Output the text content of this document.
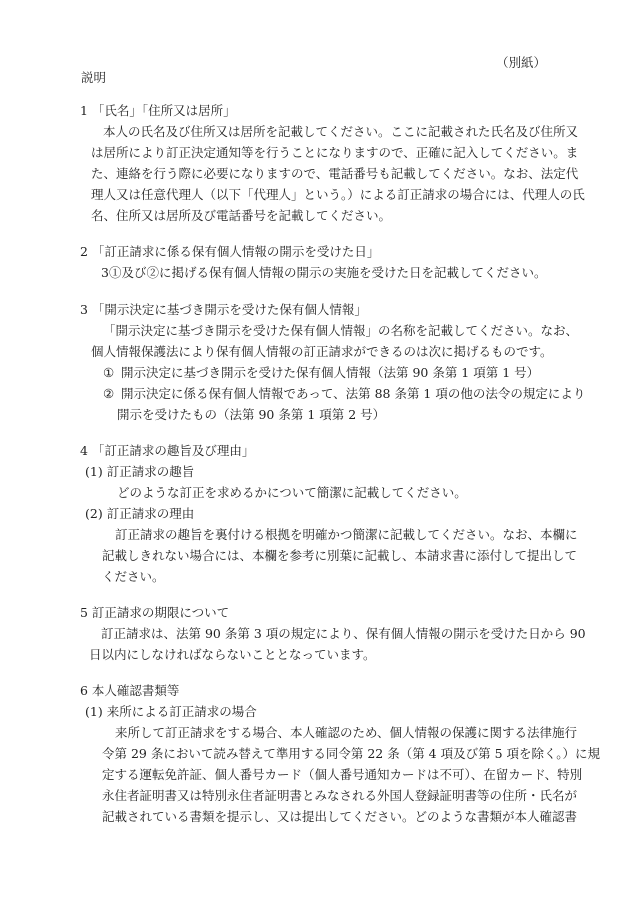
（別紙）
説明
1 「氏名」「住所又は居所」
本人の氏名及び住所又は居所を記載してください。ここに記載された氏名及び住所又
は居所により訂正決定通知等を行うことになりますので、正確に記入してください。ま
た、連絡を行う際に必要になりますので、電話番号も記載してください。なお、法定代
理人又は任意代理人（以下「代理人」という。）による訂正請求の場合には、代理人の氏
名、住所又は居所及び電話番号を記載してください。
2 「訂正請求に係る保有個人情報の開示を受けた日」
3①及び②に掲げる保有個人情報の開示の実施を受けた日を記載してください。
3 「開示決定に基づき開示を受けた保有個人情報」
「開示決定に基づき開示を受けた保有個人情報」の名称を記載してください。なお、
個人情報保護法により保有個人情報の訂正請求ができるのは次に掲げるものです。
① 開示決定に基づき開示を受けた保有個人情報（法第 90 条第 1 項第 1 号）
② 開示決定に係る保有個人情報であって、法第 88 条第 1 項の他の法令の規定により
開示を受けたもの（法第 90 条第 1 項第 2 号）
4 「訂正請求の趣旨及び理由」
(1) 訂正請求の趣旨
どのような訂正を求めるかについて簡潔に記載してください。
(2) 訂正請求の理由
訂正請求の趣旨を裏付ける根拠を明確かつ簡潔に記載してください。なお、本欄に
記載しきれない場合には、本欄を参考に別葉に記載し、本請求書に添付して提出して
ください。
5 訂正請求の期限について
訂正請求は、法第 90 条第 3 項の規定により、保有個人情報の開示を受けた日から 90
日以内にしなければならないこととなっています。
6 本人確認書類等
(1) 来所による訂正請求の場合
来所して訂正請求をする場合、本人確認のため、個人情報の保護に関する法律施行
令第 29 条において読み替えて準用する同令第 22 条（第 4 項及び第 5 項を除く。）に規
定する運転免許証、個人番号カード（個人番号通知カードは不可）、在留カード、特別
永住者証明書又は特別永住者証明書とみなされる外国人登録証明書等の住所・氏名が
記載されている書類を提示し、又は提出してください。どのような書類が本人確認書
